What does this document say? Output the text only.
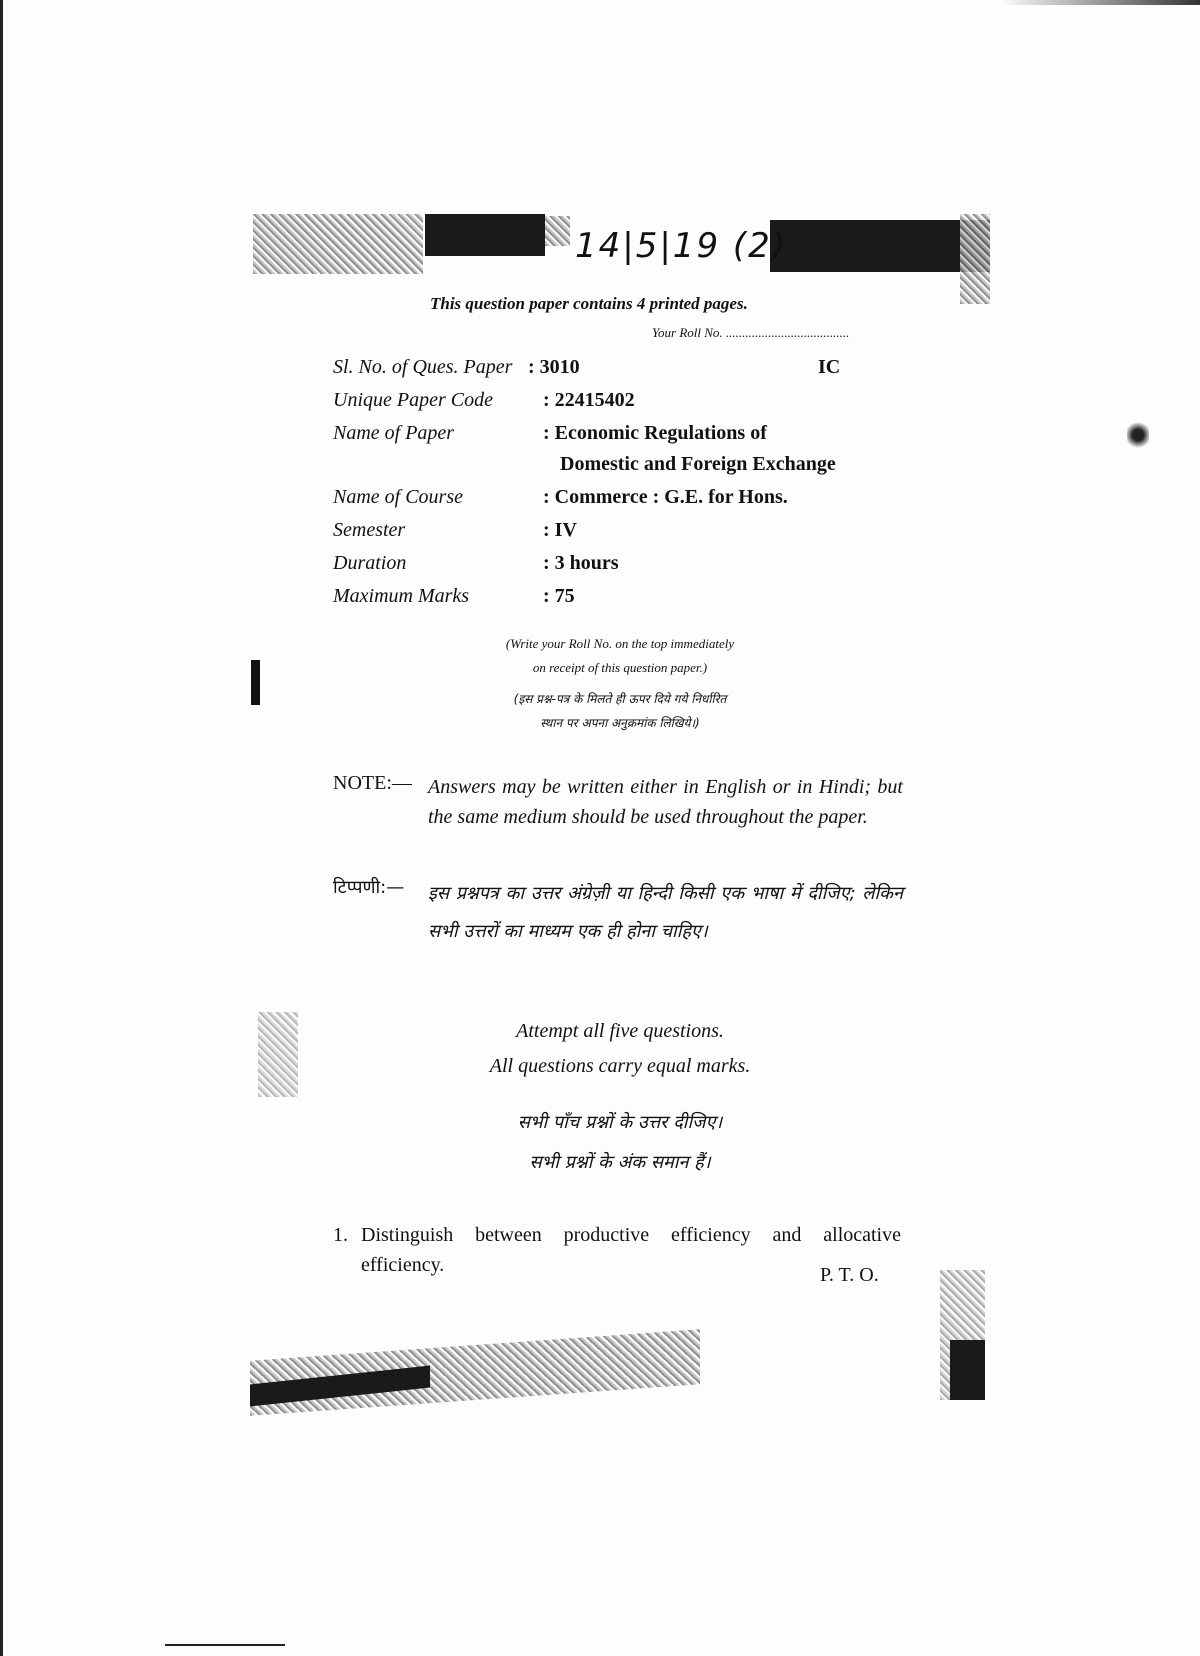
14|5|19 (2)
This question paper contains 4 printed pages.
Your Roll No. ......................................
Sl. No. of Ques. Paper : 3010	IC
Unique Paper Code	: 22415402
Name of Paper	: Economic Regulations of
Domestic and Foreign Exchange
Name of Course	: Commerce : G.E. for Hons.
Semester	: IV
Duration	: 3 hours
Maximum Marks	: 75
(Write your Roll No. on the top immediately
on receipt of this question paper.)
(इस प्रश्न-पत्र के मिलते ही ऊपर दिये गये निर्धारित
स्थान पर अपना अनुक्रमांक लिखिये।)
NOTE:— Answers may be written either in English or in Hindi; but the same medium should be used throughout the paper.
टिप्पणी:— इस प्रश्नपत्र का उत्तर अंग्रेज़ी या हिन्दी किसी एक भाषा में दीजिए; लेकिन सभी उत्तरों का माध्यम एक ही होना चाहिए।
Attempt all five questions.
All questions carry equal marks.
सभी पाँच प्रश्नों के उत्तर दीजिए।
सभी प्रश्नों के अंक समान हैं।
1. Distinguish between productive efficiency and allocative efficiency.	P. T. O.
